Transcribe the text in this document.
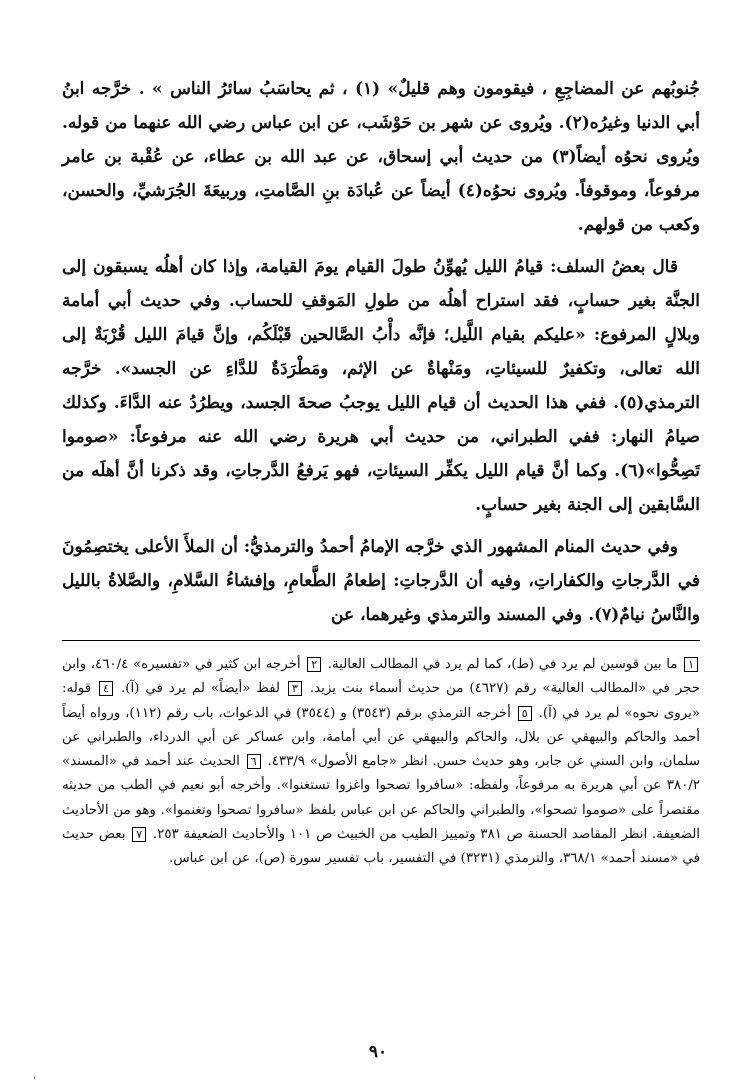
جُنوبُهم عن المضاجِعِ ، فيقومون وهم قليلٌ» (١) ، ثم يحاسَبُ سائرُ الناس » . خرَّجه ابنُ أبي الدنيا وغيرُه(٢). ويُروى عن شهر بن حَوْشَب، عن ابن عباس رضي الله عنهما من قوله. ويُروى نحوُه أيضاً(٣) من حديث أبي إسحاق، عن عبد الله بن عطاء، عن عُقْبة بن عامر مرفوعاً، وموقوفاً. ويُروى نحوُه(٤) أيضاً عن عُبادَة بنِ الصَّامتِ، وربيعَةَ الجُرَشيِّ، والحسن، وكعب من قولهم.

قال بعضُ السلف: قيامُ الليل يُهوِّنُ طولَ القيام يومَ القيامة، وإذا كان أهلُه يسبقون إلى الجنَّة بغير حسابٍ، فقد استراح أهلُه من طولِ المَوقفِ للحساب. وفي حديث أبي أمامة وبلالٍ المرفوع: «عليكم بقيام اللَّيل؛ فإنَّه دأْبُ الصَّالحين قَبْلَكُم، وإنَّ قيامَ الليل قُرْبَةٌ إلى الله تعالى، وتكفيرٌ للسيئاتِ، ومَنْهاةٌ عن الإثم، ومَطْرَدَةٌ للدَّاءِ عن الجسد». خرَّجه الترمذي(٥). ففي هذا الحديث أن قيام الليل يوجبُ صحةَ الجسد، ويطرُدُ عنه الدَّاءَ. وكذلك صيامُ النهار: ففي الطبراني، من حديث أبي هريرة رضي الله عنه مرفوعاً: «صوموا تَصِحُّوا»(٦). وكما أنَّ قيام الليل يكفِّر السيئاتِ، فهو يَرفعُ الدَّرجاتِ، وقد ذكرنا أنَّ أهلَه من السَّابقين إلى الجنة بغير حسابٍ.

وفي حديث المنام المشهور الذي خرَّجه الإمامُ أحمدُ والترمذيُّ: أن الملأَ الأعلى يختصِمُونَ في الدَّرجاتِ والكفاراتِ، وفيه أن الدَّرجاتِ: إطعامُ الطَّعامِ، وإفشاءُ السَّلامِ، والصَّلاةُ بالليل والنَّاسُ نيامٌ(٧). وفي المسند والترمذي وغيرهما، عن

١ ما بين قوسين لم يرد في (ط)، كما لم يرد في المطالب العالية. ٢ أخرجه ابن كثير في «تفسيره» ٤٦٠/٤، وابن حجر في «المطالب العالية» رقم (٤٦٢٧) من حديث أسماء بنت يزيد. ٣ لفظ «أيضاً» لم يرد في (آ). ٤ قوله: «يروى نحوه» لم يرد في (آ). ٥ أخرجه الترمذي برقم (٣٥٤٣) و (٣٥٤٤) في الدعوات، باب رقم (١١٢)، ورواه أيضاً أحمد والحاكم والبيهقي عن بلال، والحاكم والبيهقي عن أبي أمامة، وابن عساكر عن أبي الدرداء، والطبراني عن سلمان، وابن السني عن جابر، وهو حديث حسن. انظر «جامع الأصول» ٤٣٣/٩. ٦ الحديث عند أحمد في «المسند» ٣٨٠/٢ عن أبي هريرة به مرفوعاً، ولفظه: «سافروا تصحوا واغزوا تستغنوا». وأخرجه أبو نعيم في الطب من حديثه مقتصراً على «صوموا تصحوا»، والطبراني والحاكم عن ابن عباس بلفظ «سافروا تصحوا وتغنموا». وهو من الأحاديث الضعيفة. انظر المقاصد الحسنة ص ٣٨١ وتمييز الطيب من الخبيث ص ١٠١ والأحاديث الضعيفة ٢٥٣. ٧ بعض حديث في «مسند أحمد» ٣٦٨/١، والترمذي (٣٢٣١) في التفسير، باب تفسير سورة (ص)، عن ابن عباس.
٩٠
'
